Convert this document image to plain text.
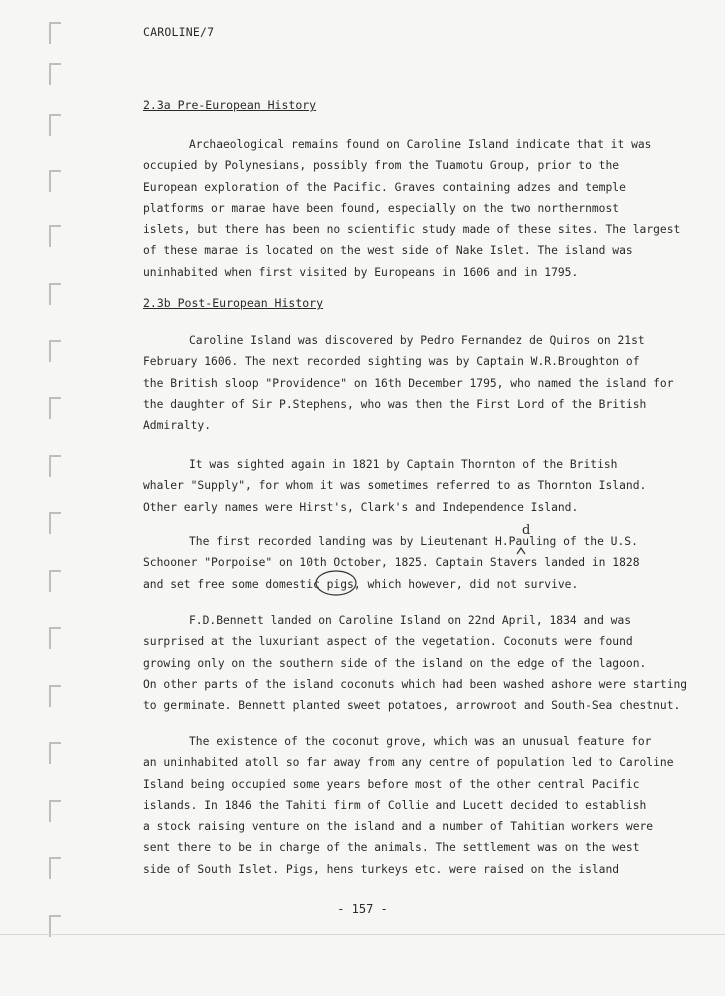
CAROLINE/7
2.3a Pre-European History
Archaeological remains found on Caroline Island indicate that it was
occupied by Polynesians, possibly from the Tuamotu Group, prior to the
European exploration of the Pacific. Graves containing adzes and temple
platforms or marae have been found, especially on the two northernmost
islets, but there has been no scientific study made of these sites. The largest
of these marae is located on the west side of Nake Islet. The island was
uninhabited when first visited by Europeans in 1606 and in 1795.
2.3b Post-European History
Caroline Island was discovered by Pedro Fernandez de Quiros on 21st
February 1606. The next recorded sighting was by Captain W.R.Broughton of
the British sloop "Providence" on 16th December 1795, who named the island for
the daughter of Sir P.Stephens, who was then the First Lord of the British
Admiralty.
It was sighted again in 1821 by Captain Thornton of the British
whaler "Supply", for whom it was sometimes referred to as Thornton Island.
Other early names were Hirst's, Clark's and Independence Island.
The first recorded landing was by Lieutenant H.Pauling of the U.S.
Schooner "Porpoise" on 10th October, 1825. Captain Stavers landed in 1828
and set free some domestic pigs, which however, did not survive.
F.D.Bennett landed on Caroline Island on 22nd April, 1834 and was
surprised at the luxuriant aspect of the vegetation. Coconuts were found
growing only on the southern side of the island on the edge of the lagoon.
On other parts of the island coconuts which had been washed ashore were starting
to germinate. Bennett planted sweet potatoes, arrowroot and South-Sea chestnut.
The existence of the coconut grove, which was an unusual feature for
an uninhabited atoll so far away from any centre of population led to Caroline
Island being occupied some years before most of the other central Pacific
islands. In 1846 the Tahiti firm of Collie and Lucett decided to establish
a stock raising venture on the island and a number of Tahitian workers were
sent there to be in charge of the animals. The settlement was on the west
side of South Islet. Pigs, hens turkeys etc. were raised on the island
d
- 157 -
